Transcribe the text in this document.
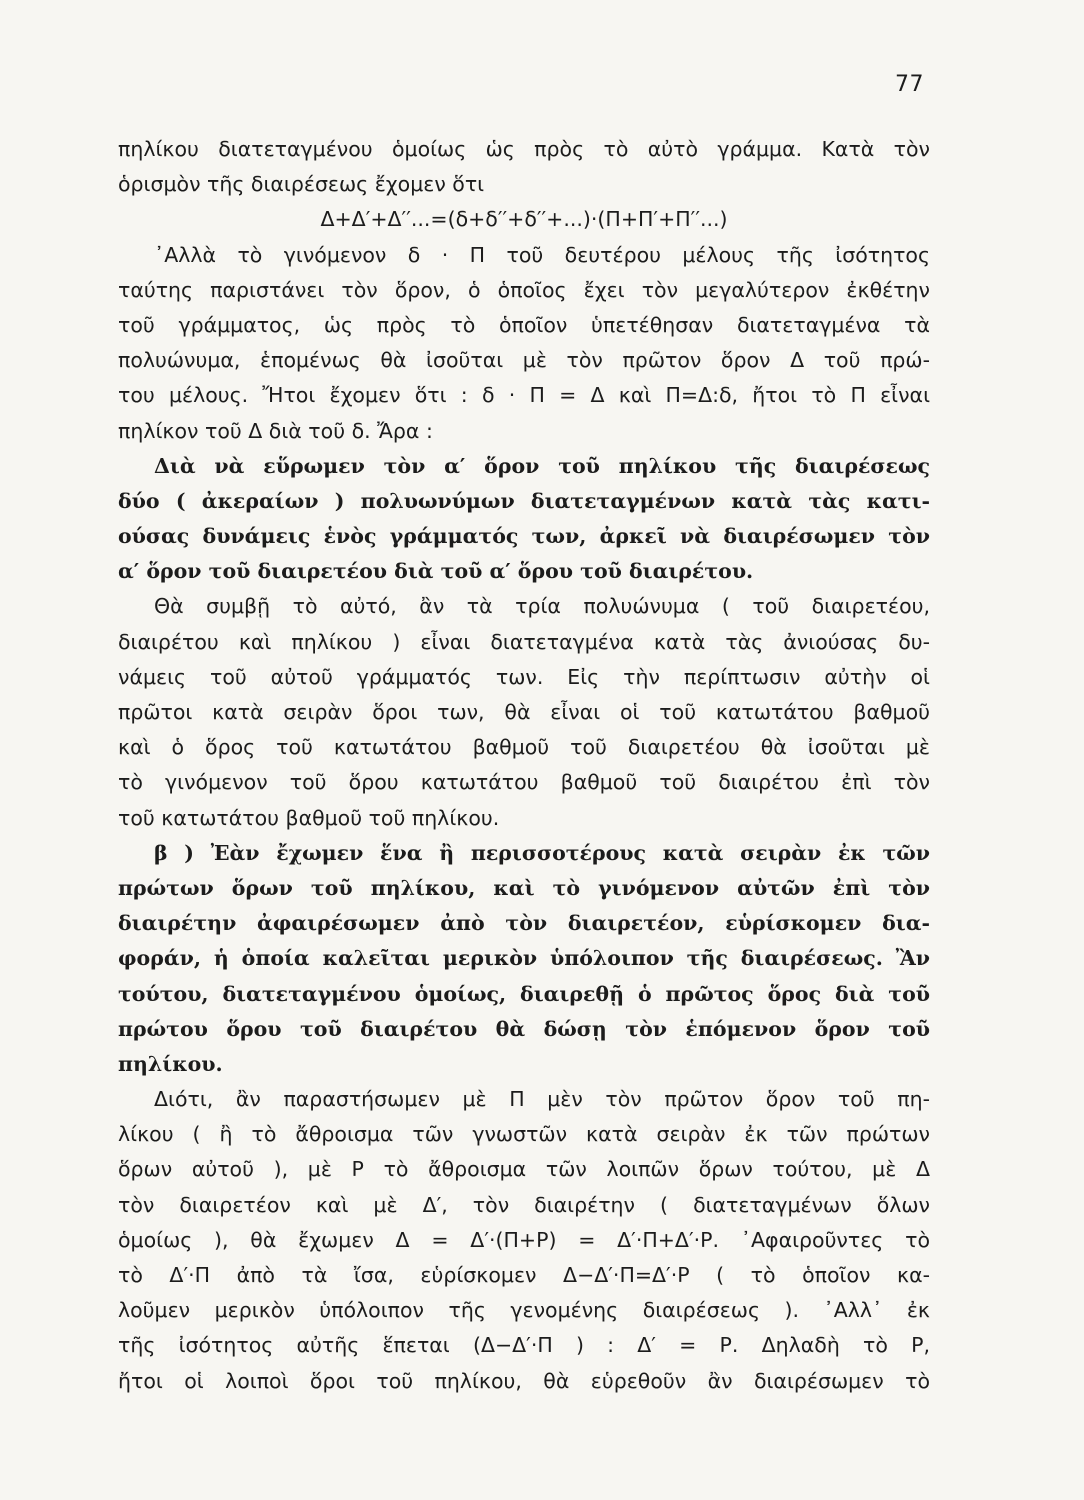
77
πηλίκου διατεταγμένου ὁμοίως ὡς πρὸς τὸ αὐτὸ γράμμα. Κατὰ τὸν
ὁρισμὸν τῆς διαιρέσεως ἔχομεν ὅτι
Δ+Δ′+Δ′′...=(δ+δ′′+δ′′+...)·(Π+Π′+Π′′...)
᾽Αλλὰ τὸ γινόμενον δ · Π τοῦ δευτέρου μέλους τῆς ἰσότητος
ταύτης παριστάνει τὸν ὅρον, ὁ ὁποῖος ἔχει τὸν μεγαλύτερον ἐκθέτην
τοῦ γράμματος, ὡς πρὸς τὸ ὁποῖον ὑπετέθησαν διατεταγμένα τὰ
πολυώνυμα, ἑπομένως θὰ ἰσοῦται μὲ τὸν πρῶτον ὅρον Δ τοῦ πρώ-
του μέλους. Ἤτοι ἔχομεν ὅτι : δ · Π = Δ καὶ Π=Δ:δ, ἤτοι τὸ Π εἶναι
πηλίκον τοῦ Δ διὰ τοῦ δ. Ἄρα :
Διὰ νὰ εὕρωμεν τὸν α′ ὅρον τοῦ πηλίκου τῆς διαιρέσεως
δύο ( ἀκεραίων ) πολυωνύμων διατεταγμένων κατὰ τὰς κατι-
ούσας δυνάμεις ἑνὸς γράμματός των, ἀρκεῖ νὰ διαιρέσωμεν τὸν
α′ ὅρον τοῦ διαιρετέου διὰ τοῦ α′ ὅρου τοῦ διαιρέτου.
Θὰ συμβῇ τὸ αὐτό, ἂν τὰ τρία πολυώνυμα ( τοῦ διαιρετέου,
διαιρέτου καὶ πηλίκου ) εἶναι διατεταγμένα κατὰ τὰς ἀνιούσας δυ-
νάμεις τοῦ αὐτοῦ γράμματός των. Εἰς τὴν περίπτωσιν αὐτὴν οἱ
πρῶτοι κατὰ σειρὰν ὅροι των, θὰ εἶναι οἱ τοῦ κατωτάτου βαθμοῦ
καὶ ὁ ὅρος τοῦ κατωτάτου βαθμοῦ τοῦ διαιρετέου θὰ ἰσοῦται μὲ
τὸ γινόμενον τοῦ ὅρου κατωτάτου βαθμοῦ τοῦ διαιρέτου ἐπὶ τὸν
τοῦ κατωτάτου βαθμοῦ τοῦ πηλίκου.
β ) Ἐὰν ἔχωμεν ἕνα ἢ περισσοτέρους κατὰ σειρὰν ἐκ τῶν
πρώτων ὅρων τοῦ πηλίκου, καὶ τὸ γινόμενον αὐτῶν ἐπὶ τὸν
διαιρέτην ἀφαιρέσωμεν ἀπὸ τὸν διαιρετέον, εὑρίσκομεν δια-
φοράν, ἡ ὁποία καλεῖται μερικὸν ὑπόλοιπον τῆς διαιρέσεως. Ἂν
τούτου, διατεταγμένου ὁμοίως, διαιρεθῇ ὁ πρῶτος ὅρος διὰ τοῦ
πρώτου ὅρου τοῦ διαιρέτου θὰ δώσῃ τὸν ἑπόμενον ὅρον τοῦ
πηλίκου.
Διότι, ἂν παραστήσωμεν μὲ Π μὲν τὸν πρῶτον ὅρον τοῦ πη-
λίκου ( ἢ τὸ ἄθροισμα τῶν γνωστῶν κατὰ σειρὰν ἐκ τῶν πρώτων
ὅρων αὐτοῦ ), μὲ Ρ τὸ ἄθροισμα τῶν λοιπῶν ὅρων τούτου, μὲ Δ
τὸν διαιρετέον καὶ μὲ Δ′, τὸν διαιρέτην ( διατεταγμένων ὅλων
ὁμοίως ), θὰ ἔχωμεν Δ = Δ′·(Π+Ρ) = Δ′·Π+Δ′·Ρ. ᾽Αφαιροῦντες τὸ
τὸ Δ′·Π ἀπὸ τὰ ἴσα, εὑρίσκομεν Δ−Δ′·Π=Δ′·Ρ ( τὸ ὁποῖον κα-
λοῦμεν μερικὸν ὑπόλοιπον τῆς γενομένης διαιρέσεως ). ᾽Αλλ᾽ ἐκ
τῆς ἰσότητος αὐτῆς ἕπεται (Δ−Δ′·Π ) : Δ′ = Ρ. Δηλαδὴ τὸ Ρ,
ἤτοι οἱ λοιποὶ ὅροι τοῦ πηλίκου, θὰ εὑρεθοῦν ἂν διαιρέσωμεν τὸ
